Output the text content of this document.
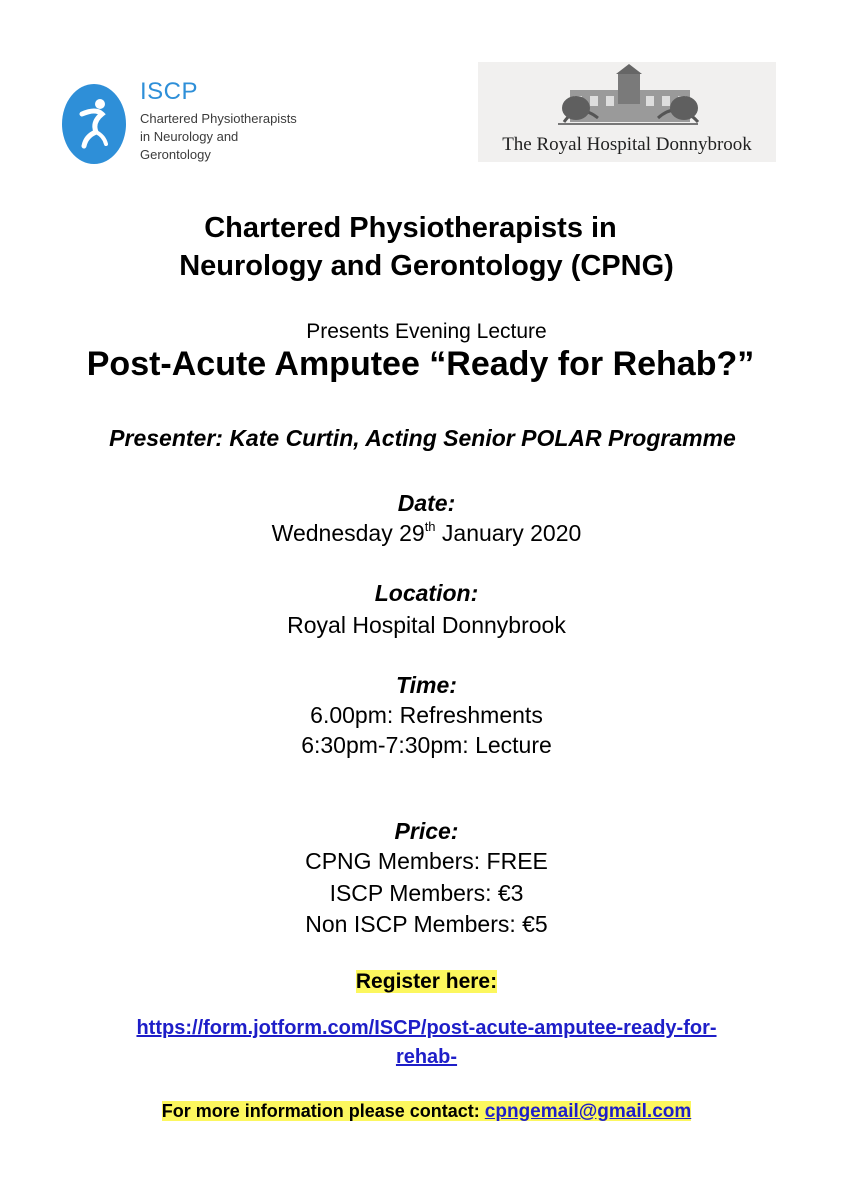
ISCP
Chartered Physiotherapists
in Neurology and
Gerontology	The Royal Hospital Donnybrook
Chartered Physiotherapists in
Neurology and Gerontology (CPNG)
Presents Evening Lecture
Post-Acute Amputee “Ready for Rehab?”
Presenter: Kate Curtin, Acting Senior POLAR Programme
Date:
Wednesday 29th January 2020
Location:
Royal Hospital Donnybrook
Time:
6.00pm: Refreshments
6:30pm-7:30pm: Lecture
Price:
CPNG Members: FREE
ISCP Members: €3
Non ISCP Members: €5
Register here:
https://form.jotform.com/ISCP/post-acute-amputee-ready-for-
rehab-
For more information please contact: cpngemail@gmail.com
